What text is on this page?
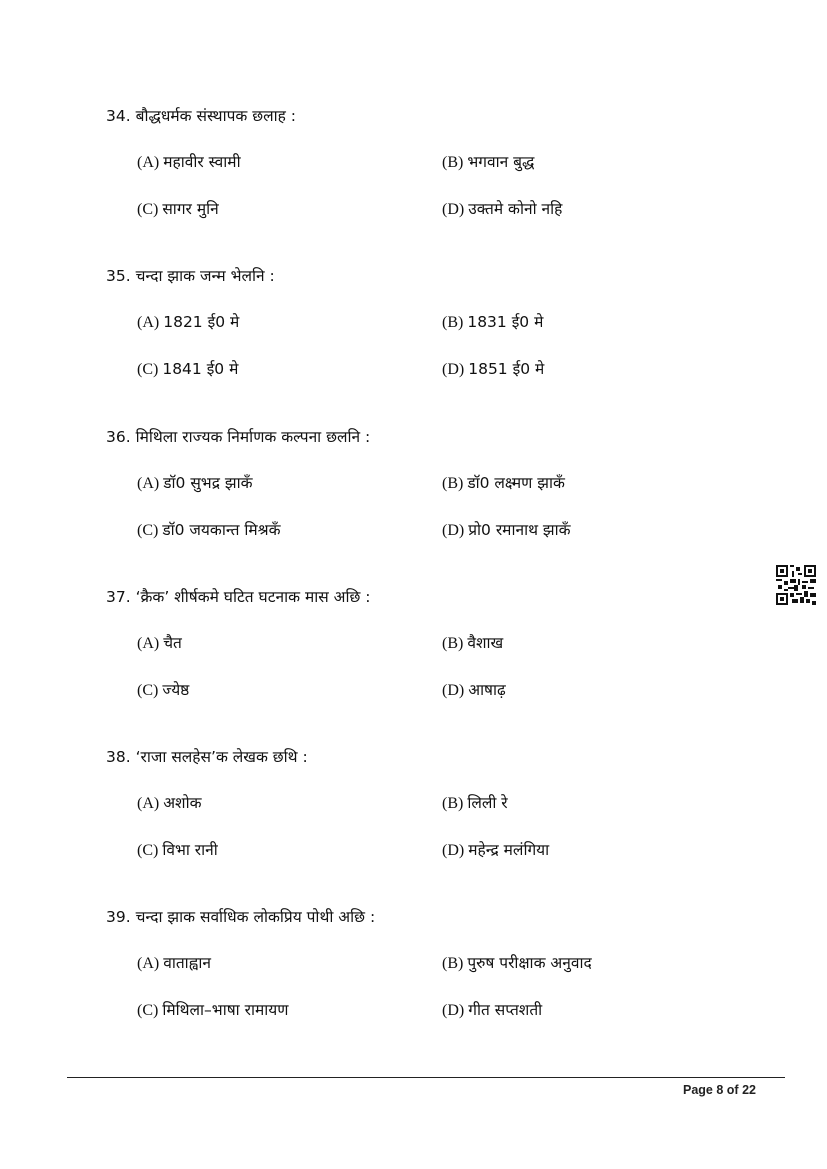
34. बौद्धधर्मक संस्थापक छलाह :
(A) महावीर स्वामी	(B) भगवान बुद्ध
(C) सागर मुनि	(D) उक्तमे कोनो नहि
35. चन्दा झाक जन्म भेलनि :
(A) 1821 ई0 मे	(B) 1831 ई0 मे
(C) 1841 ई0 मे	(D) 1851 ई0 मे
36. मिथिला राज्यक निर्माणक कल्पना छलनि :
(A) डॉ0 सुभद्र झाकँ	(B) डॉ0 लक्ष्मण झाकँ
(C) डॉ0 जयकान्त मिश्रकँ	(D) प्रो0 रमानाथ झाकँ
37. ‘क्रैक’ शीर्षकमे घटित घटनाक मास अछि :
(A) चैत	(B) वैशाख
(C) ज्येष्ठ	(D) आषाढ़
38. ‘राजा सलहेस’क लेखक छथि :
(A) अशोक	(B) लिली रे
(C) विभा रानी	(D) महेन्द्र मलंगिया
39. चन्दा झाक सर्वाधिक लोकप्रिय पोथी अछि :
(A) वाताह्वान	(B) पुरुष परीक्षाक अनुवाद
(C) मिथिला–भाषा रामायण	(D) गीत सप्तशती
Page 8 of 22
